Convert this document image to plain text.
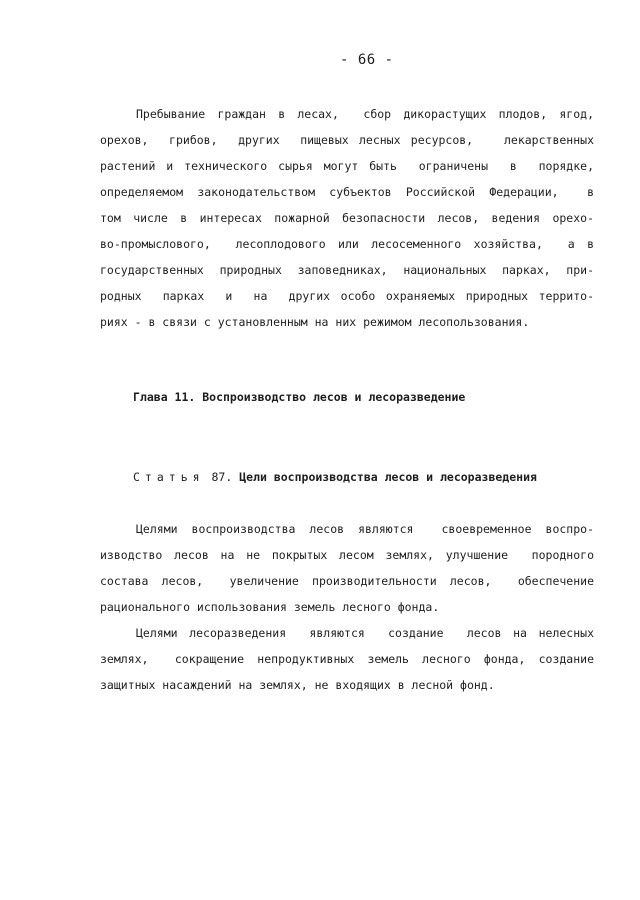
- 66 -
Пребывание граждан в лесах,  сбор дикорастущих плодов, ягод,
орехов,  грибов,  других  пищевых лесных ресурсов,   лекарственных
растений и технического сырья могут быть  ограничены  в  порядке,
определяемом законодательством субъектов Российской Федерации,  в
том числе в интересах пожарной безопасности лесов, ведения орехо-
во-промыслового,  лесоплодового или лесосеменного хозяйства,  а в
государственных природных заповедниках, национальных парках, при-
родных  парках  и  на  других особо охраняемых природных террито-
риях - в связи с установленным на них режимом лесопользования.
Глава 11. Воспроизводство лесов и лесоразведение
Статья 87. Цели воспроизводства лесов и лесоразведения
Целями воспроизводства лесов являются  своевременное воспро-
изводство лесов на не покрытых лесом землях, улучшение  породного
состава лесов,  увеличение производительности лесов,  обеспечение
рационального использования земель лесного фонда.
Целями лесоразведения  являются  создание  лесов на нелесных
землях,  сокращение непродуктивных земель лесного фонда, создание
защитных насаждений на землях, не входящих в лесной фонд.
